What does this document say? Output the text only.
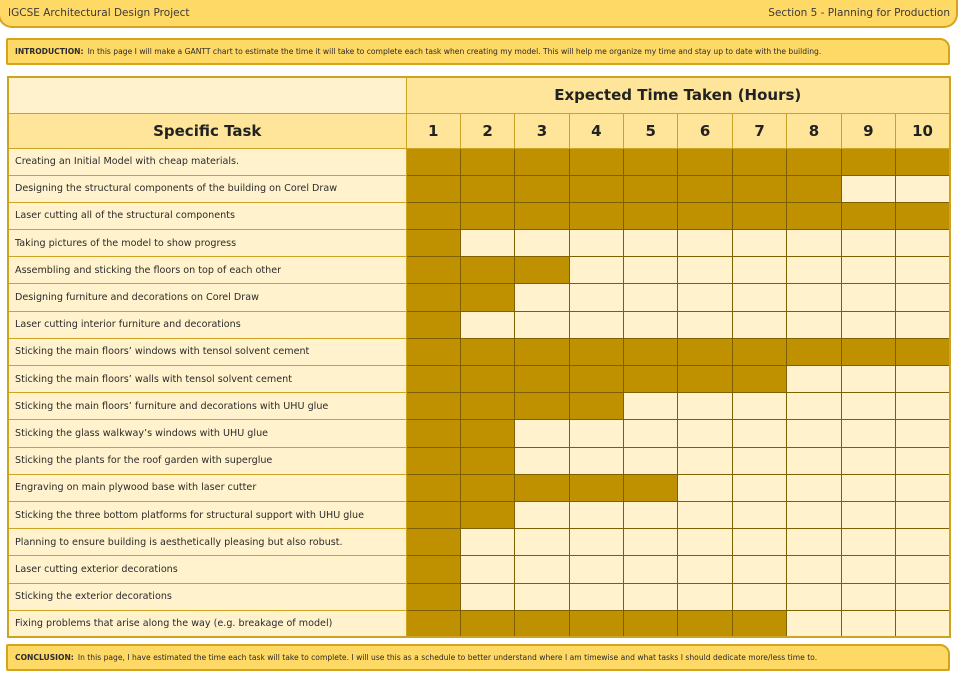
IGCSE Architectural Design Project	Section 5 - Planning for Production
INTRODUCTION: In this page I will make a GANTT chart to estimate the time it will take to complete each task when creating my model. This will help me organize my time and stay up to date with the building.
	Expected Time Taken (Hours)									
Specific Task	1	2	3	4	5	6	7	8	9	10
Creating an Initial Model with cheap materials.										
Designing the structural components of the building on Corel Draw										
Laser cutting all of the structural components										
Taking pictures of the model to show progress										
Assembling and sticking the floors on top of each other										
Designing furniture and decorations on Corel Draw										
Laser cutting interior furniture and decorations										
Sticking the main floors’ windows with tensol solvent cement										
Sticking the main floors’ walls with tensol solvent cement										
Sticking the main floors’ furniture and decorations with UHU glue										
Sticking the glass walkway’s windows with UHU glue										
Sticking the plants for the roof garden with superglue										
Engraving on main plywood base with laser cutter										
Sticking the three bottom platforms for structural support with UHU glue										
Planning to ensure building is aesthetically pleasing but also robust.										
Laser cutting exterior decorations										
Sticking the exterior decorations										
Fixing problems that arise along the way (e.g. breakage of model)										
CONCLUSION: In this page, I have estimated the time each task will take to complete. I will use this as a schedule to better understand where I am timewise and what tasks I should dedicate more/less time to.
